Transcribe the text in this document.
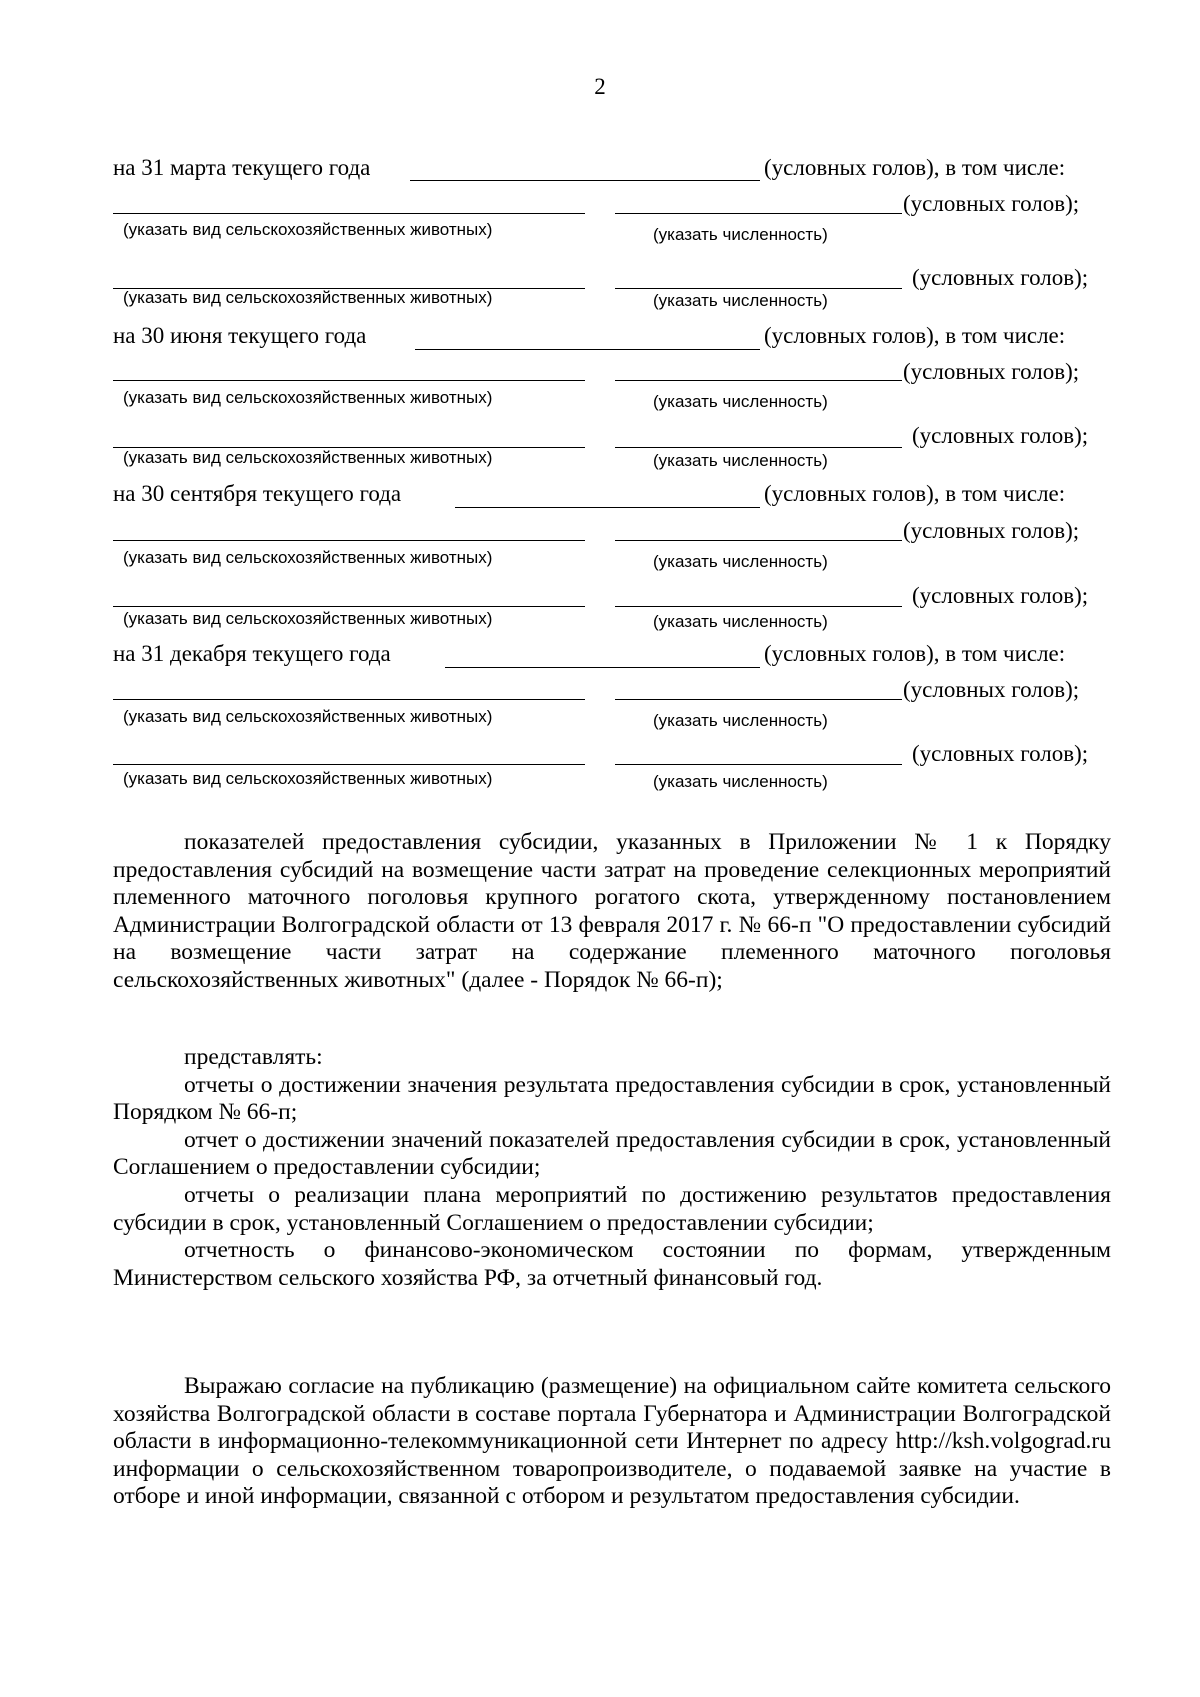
2
на 31 марта текущего года	(условных голов), в том числе:
(условных голов);
(указать вид сельскохозяйственных животных)	(указать численность)
(условных голов);
(указать вид сельскохозяйственных животных)	(указать численность)
на 30 июня текущего года	(условных голов), в том числе:
(условных голов);
(указать вид сельскохозяйственных животных)	(указать численность)
(условных голов);
(указать вид сельскохозяйственных животных)	(указать численность)
на 30 сентября текущего года	(условных голов), в том числе:
(условных голов);
(указать вид сельскохозяйственных животных)	(указать численность)
(условных голов);
(указать вид сельскохозяйственных животных)	(указать численность)
на 31 декабря текущего года	(условных голов), в том числе:
(условных голов);
(указать вид сельскохозяйственных животных)	(указать численность)
(условных голов);
(указать вид сельскохозяйственных животных)	(указать численность)

показателей предоставления субсидии, указанных в Приложении № 1 к Порядку предоставления субсидий на возмещение части затрат на проведение селекционных мероприятий племенного маточного поголовья крупного рогатого скота, утвержденному постановлением Администрации Волгоградской области от 13 февраля 2017 г. № 66-п "О предоставлении субсидий на возмещение части затрат на содержание племенного маточного поголовья сельскохозяйственных животных" (далее - Порядок № 66-п);

представлять:

отчеты о достижении значения результата предоставления субсидии в срок, установленный Порядком № 66-п;

отчет о достижении значений показателей предоставления субсидии в срок, установленный Соглашением о предоставлении субсидии;

отчеты о реализации плана мероприятий по достижению результатов предоставления субсидии в срок, установленный Соглашением о предоставлении субсидии;

отчетность о финансово-экономическом состоянии по формам, утвержденным Министерством сельского хозяйства РФ, за отчетный финансовый год.

Выражаю согласие на публикацию (размещение) на официальном сайте комитета сельского хозяйства Волгоградской области в составе портала Губернатора и Администрации Волгоградской области в информационно-телекоммуникационной сети Интернет по адресу http://ksh.volgograd.ru информации о сельскохозяйственном товаропроизводителе, о подаваемой заявке на участие в отборе и иной информации, связанной с отбором и результатом предоставления субсидии.
